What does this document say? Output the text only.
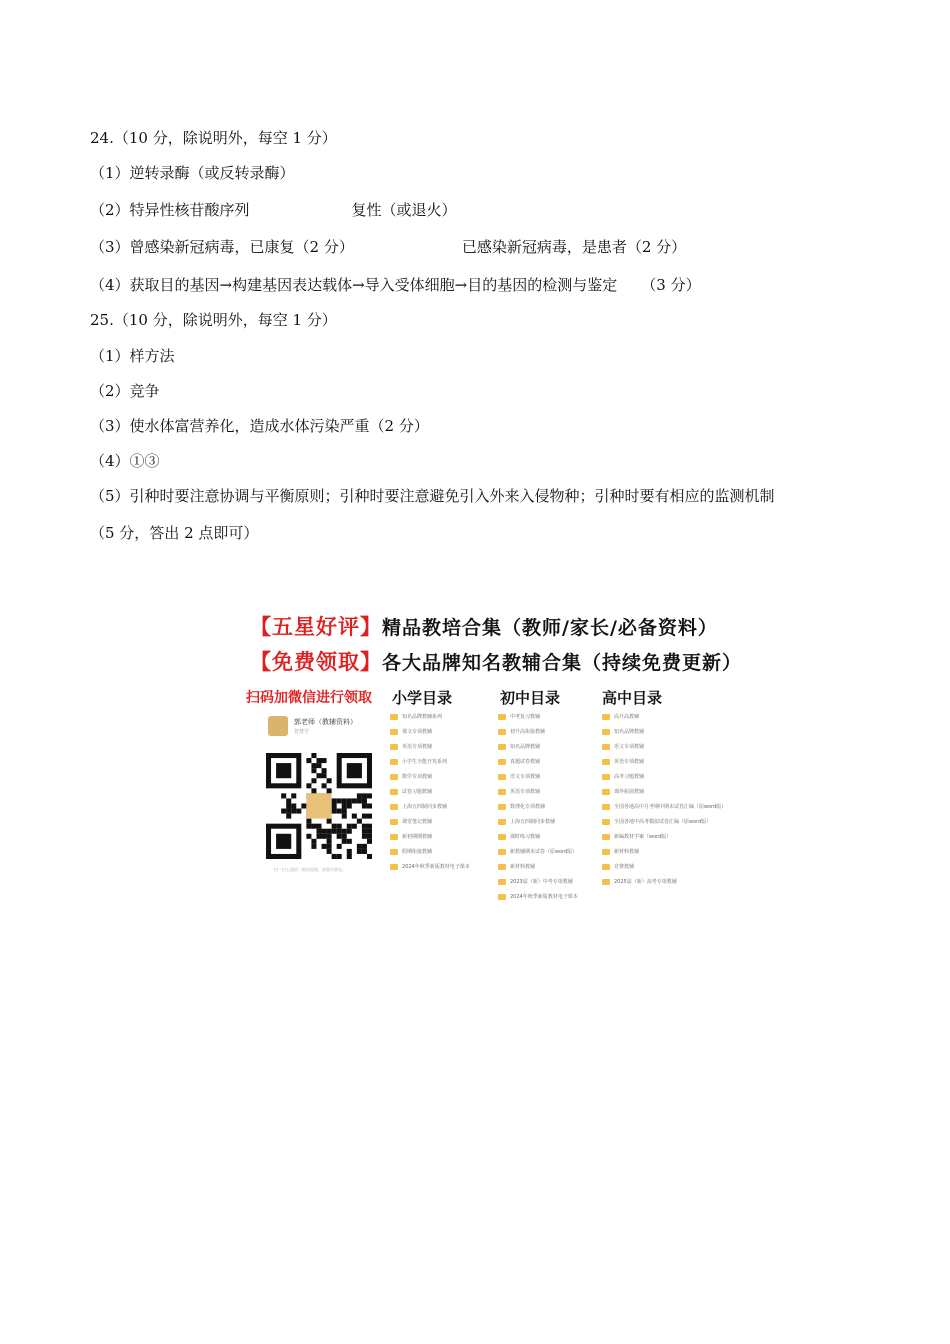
24.（10 分，除说明外，每空 1 分）
（1）逆转录酶（或反转录酶）
（2）特异性核苷酸序列	复性（或退火）
（3）曾感染新冠病毒，已康复（2 分）	已感染新冠病毒，是患者（2 分）
（4）获取目的基因→构建基因表达载体→导入受体细胞→目的基因的检测与鉴定 （3 分）
25.（10 分，除说明外，每空 1 分）
（1）样方法
（2）竞争
（3）使水体富营养化，造成水体污染严重（2 分）
（4）①③
（5）引种时要注意协调与平衡原则；引种时要注意避免引入外来入侵物种；引种时要有相应的监测机制
（5 分，答出 2 点即可）
【五星好评】精品教培合集（教师/家长/必备资料）
【免费领取】各大品牌知名教辅合集（持续免费更新）
扫码加微信进行领取
郭老师（教辅资料）
智慧学
扫一扫上面的二维码图案，加我为朋友。
小学目录	初中目录	高中目录
知名品牌教辅系列
课文专项教辅
英语专项教辅
小学生全能开发系列
数学专项教辅
试卷习题教辅
上海五四制同步教辅
课堂笔记教辅
新初期期教辅
假期衔接教辅
2024年秋季新版教材电子课本
中考复习教辅
初升高衔接教辅
知名品牌教辅
真题试卷教辅
语文专项教辅
英语专项教辅
数理化专项教辅
上海五四制同步教辅
课时练习教辅
新教辅期末试卷（原word版）
新材料教辅
2023届（新）中考专项教辅
2024年秋季新版教材电子课本
高升高教辅
知名品牌教辅
语文专项教辅
英语专项教辅
高考习题教辅
课外拓展教辅
全国各地高中月考期中期末试卷汇编（原word版）
全国各地中高考模拟试卷汇编（原word版）
新编教材学案（word版）
新材料教辅
竞赛教辅
2025届（新）高考专项教辅
